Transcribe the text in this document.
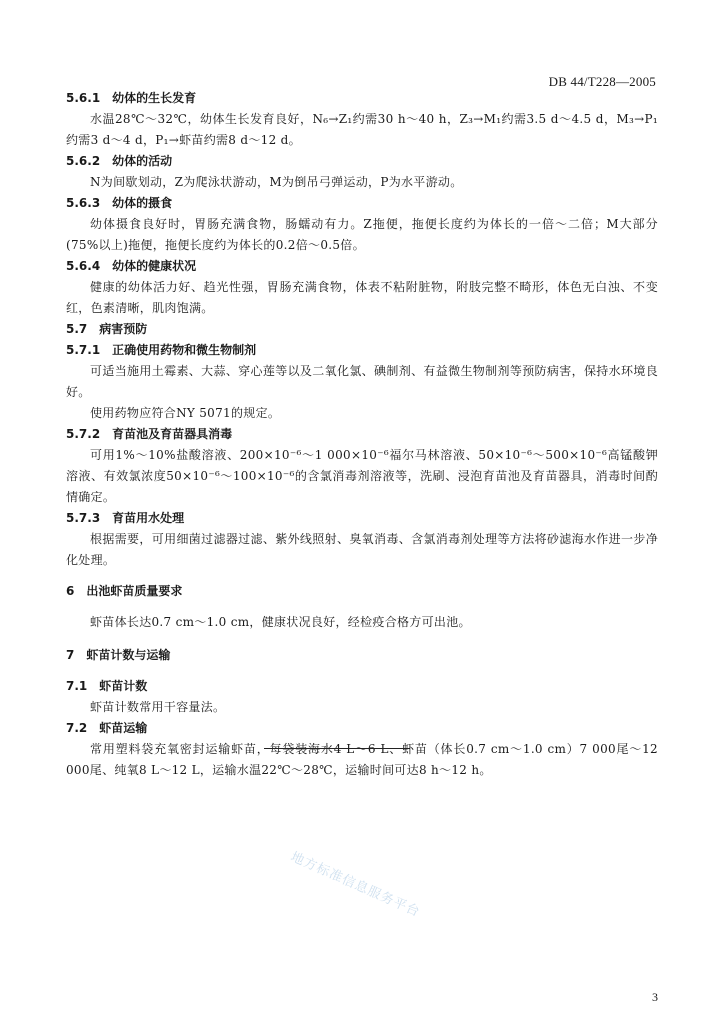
DB 44/T228—2005

5.6.1　幼体的生长发育

水温28℃～32℃，幼体生长发育良好，N₆→Z₁约需30 h～40 h，Z₃→M₁约需3.5 d～4.5 d，M₃→P₁约需3 d～4 d，P₁→虾苗约需8 d～12 d。

5.6.2　幼体的活动

N为间歇划动，Z为爬泳状游动，M为倒吊弓弹运动，P为水平游动。

5.6.3　幼体的摄食

幼体摄食良好时，胃肠充满食物，肠蠕动有力。Z拖便，拖便长度约为体长的一倍～二倍；M大部分(75%以上)拖便，拖便长度约为体长的0.2倍～0.5倍。

5.6.4　幼体的健康状况

健康的幼体活力好、趋光性强，胃肠充满食物，体表不粘附脏物，附肢完整不畸形，体色无白浊、不变红，色素清晰，肌肉饱满。

5.7　病害预防

5.7.1　正确使用药物和微生物制剂

可适当施用土霉素、大蒜、穿心莲等以及二氧化氯、碘制剂、有益微生物制剂等预防病害，保持水环境良好。

使用药物应符合NY 5071的规定。

5.7.2　育苗池及育苗器具消毒

可用1%～10%盐酸溶液、200×10⁻⁶～1 000×10⁻⁶福尔马林溶液、50×10⁻⁶～500×10⁻⁶高锰酸钾溶液、有效氯浓度50×10⁻⁶～100×10⁻⁶的含氯消毒剂溶液等，洗刷、浸泡育苗池及育苗器具，消毒时间酌情确定。

5.7.3　育苗用水处理

根据需要，可用细菌过滤器过滤、紫外线照射、臭氧消毒、含氯消毒剂处理等方法将砂滤海水作进一步净化处理。

6　出池虾苗质量要求

虾苗体长达0.7 cm～1.0 cm，健康状况良好，经检疫合格方可出池。

7　虾苗计数与运输

7.1　虾苗计数

虾苗计数常用干容量法。

7.2　虾苗运输

常用塑料袋充氧密封运输虾苗，每袋装海水4 L～6 L、虾苗（体长0.7 cm～1.0 cm）7 000尾～12 000尾、纯氧8 L～12 L，运输水温22℃～28℃，运输时间可达8 h～12 h。

地方标准信息服务平台
3
